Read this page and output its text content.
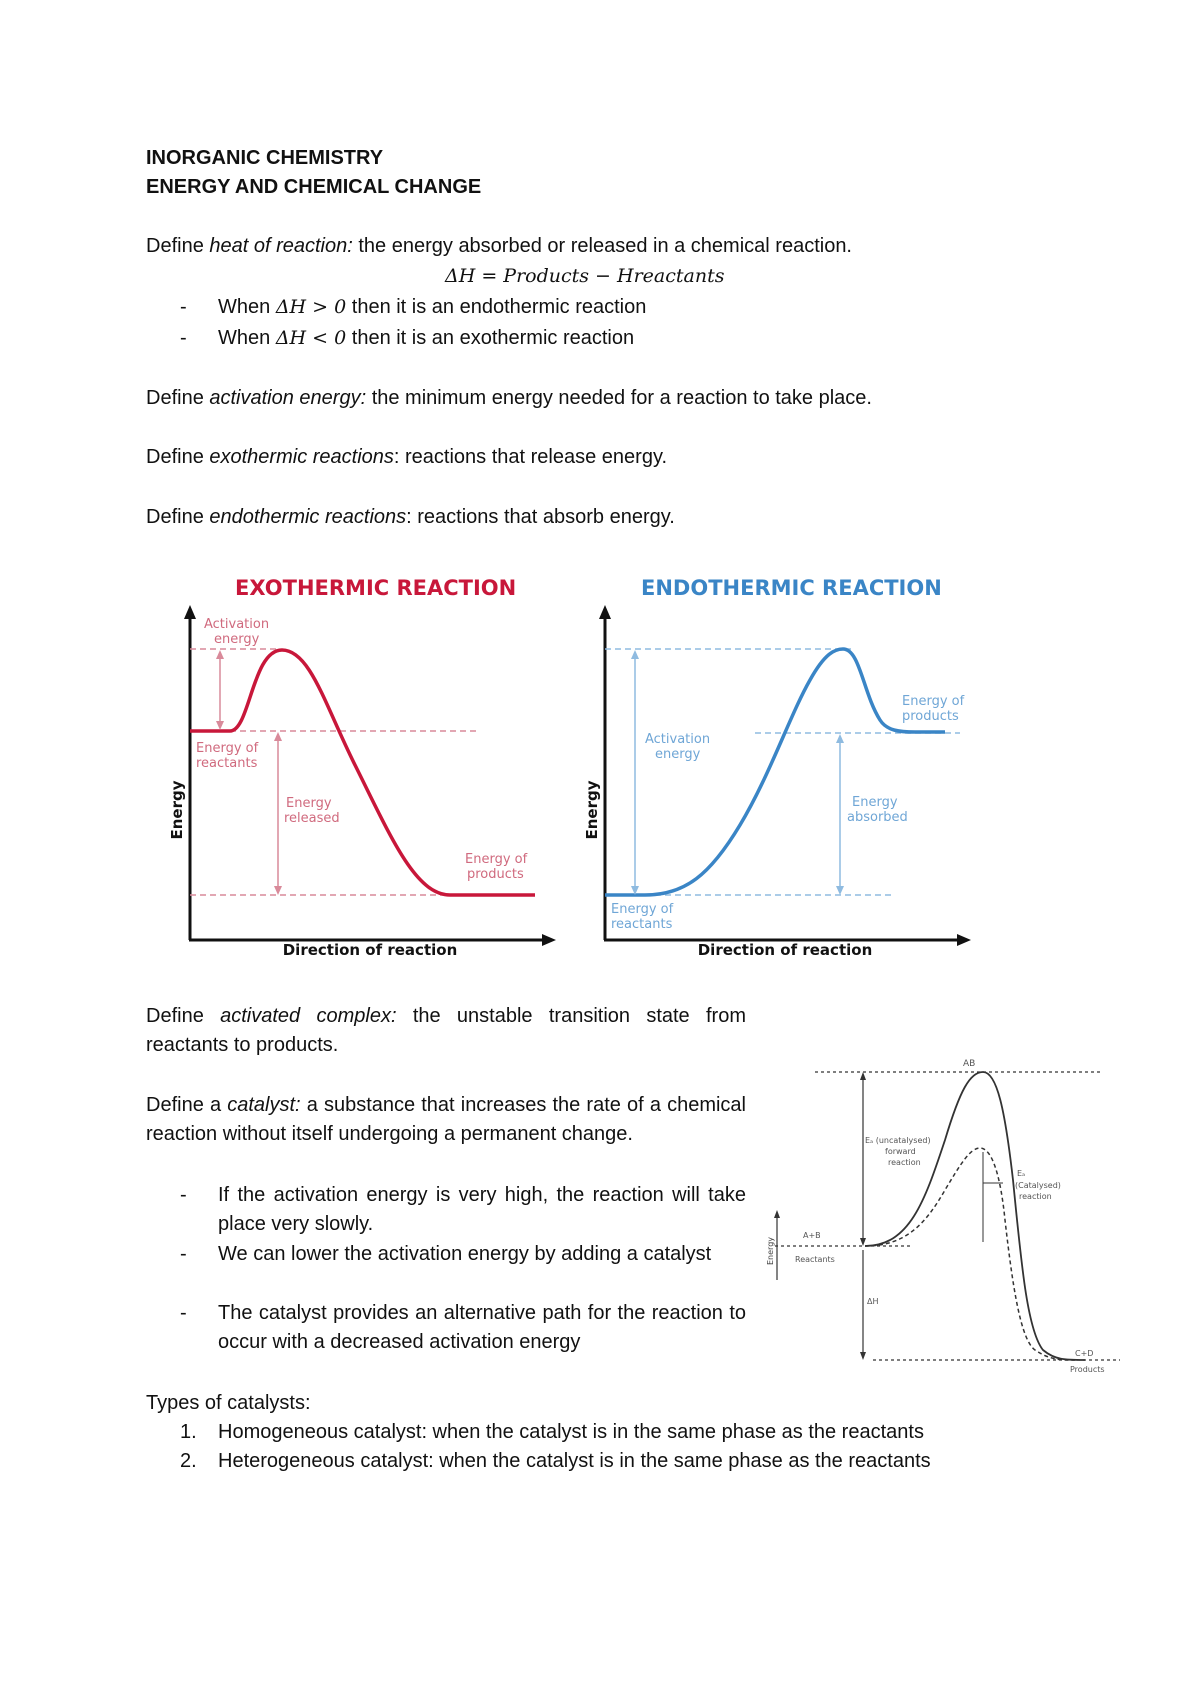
INORGANIC CHEMISTRY
ENERGY AND CHEMICAL CHANGE
Define heat of reaction: the energy absorbed or released in a chemical reaction.
ΔH = Products − Hreactants
- When ΔH > 0 then it is an endothermic reaction
- When ΔH < 0 then it is an exothermic reaction
Define activation energy: the minimum energy needed for a reaction to take place.
Define exothermic reactions: reactions that release energy.
Define endothermic reactions: reactions that absorb energy.
EXOTHERMIC REACTION
Energy
Direction of reaction
Activation energy
Energy of reactants
Energy released
Energy of products
ENDOTHERMIC REACTION
Energy
Direction of reaction
Activation energy
Energy of products
Energy absorbed
Energy of reactants
Define activated complex: the unstable transition state from reactants to products.
Define a catalyst: a substance that increases the rate of a chemical reaction without itself undergoing a permanent change.
- If the activation energy is very high, the reaction will take place very slowly.
- We can lower the activation energy by adding a catalyst
- The catalyst provides an alternative path for the reaction to occur with a decreased activation energy
AB
Energy
Eₐ (uncatalysed) forward reaction
Eₐ (Catalysed) reaction
A+B Reactants
ΔH
C+D Products
Types of catalysts:
1. Homogeneous catalyst: when the catalyst is in the same phase as the reactants
2. Heterogeneous catalyst: when the catalyst is in the same phase as the reactants
